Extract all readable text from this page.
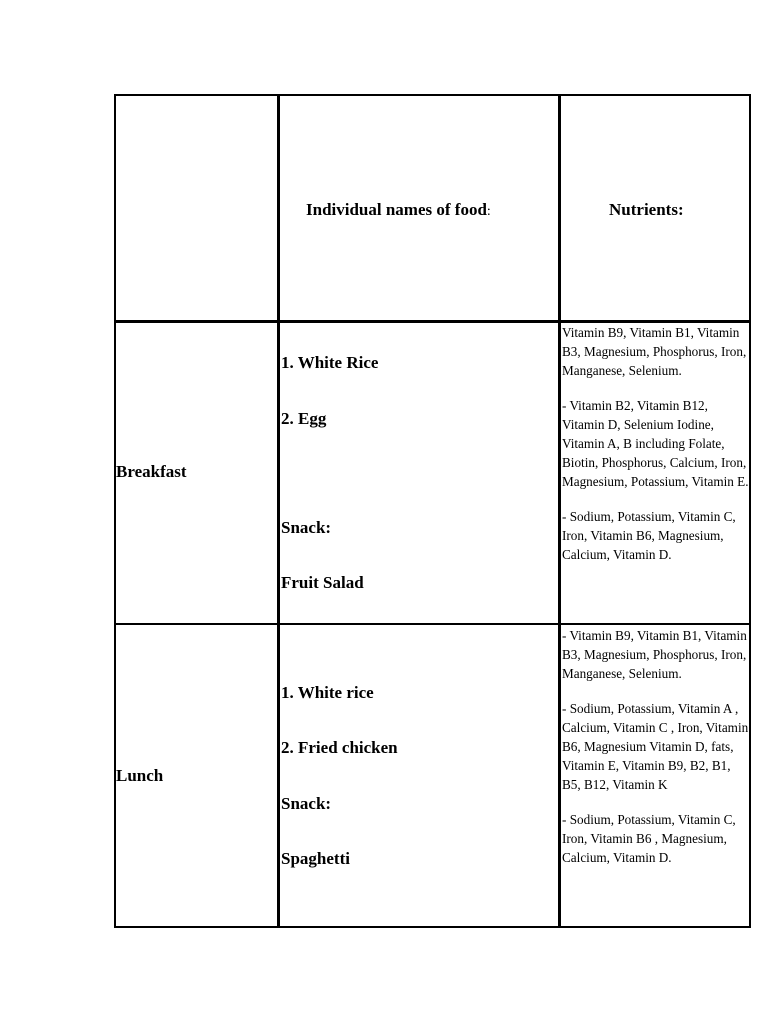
Individual names of food:	Nutrients:
Breakfast
1. White Rice
2. Egg
Snack:
Fruit Salad

Vitamin B9, Vitamin B1, Vitamin B3, Magnesium, Phosphorus, Iron, Manganese, Selenium.

- Vitamin B2, Vitamin B12, Vitamin D, Selenium Iodine, Vitamin A, B including Folate, Biotin, Phosphorus, Calcium, Iron, Magnesium, Potassium, Vitamin E.

- Sodium, Potassium, Vitamin C, Iron, Vitamin B6, Magnesium, Calcium, Vitamin D.

Lunch
1. White rice
2. Fried chicken
Snack:
Spaghetti

- Vitamin B9, Vitamin B1, Vitamin B3, Magnesium, Phosphorus, Iron, Manganese, Selenium.

- Sodium, Potassium, Vitamin A , Calcium, Vitamin C , Iron, Vitamin B6, Magnesium Vitamin D, fats, Vitamin E, Vitamin B9, B2, B1, B5, B12, Vitamin K

- Sodium, Potassium, Vitamin C, Iron, Vitamin B6 , Magnesium, Calcium, Vitamin D.
